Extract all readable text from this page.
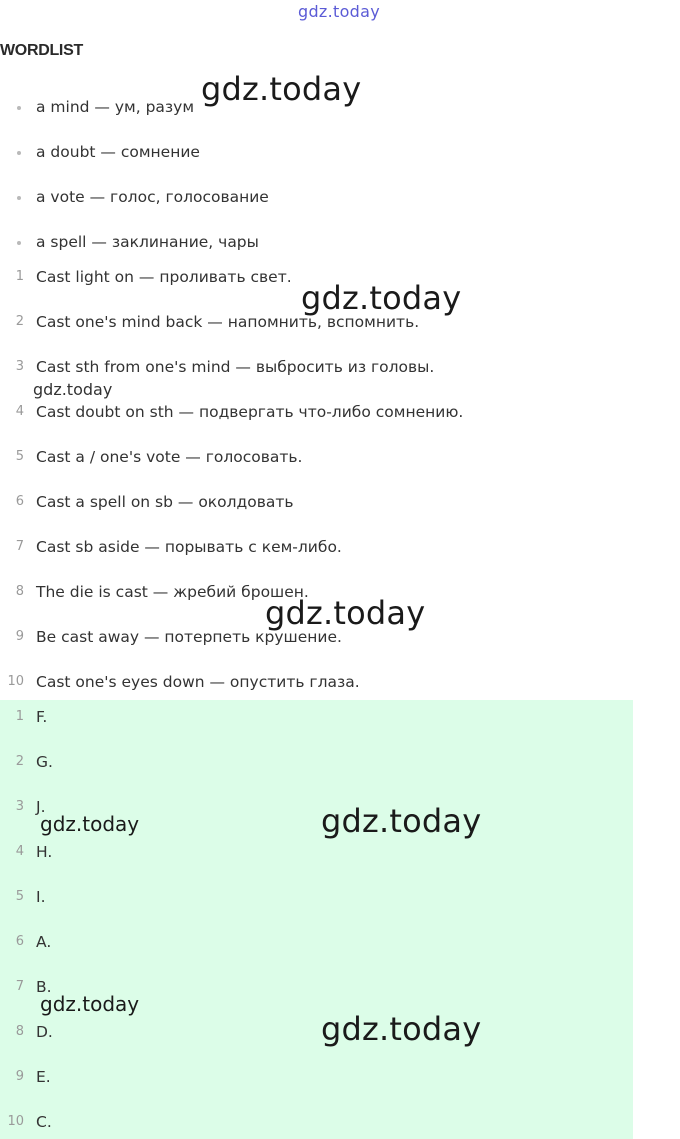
gdz.today
WORDLIST
a mind — ум, разум
a doubt — сомнение
a vote — голос, голосование
a spell — заклинание, чары
1 Cast light on — проливать свет.
2 Cast one's mind back — напомнить, вспомнить.
3 Cast sth from one's mind — выбросить из головы.
4 Cast doubt on sth — подвергать что-либо сомнению.
5 Cast a / one's vote — голосовать.
6 Cast a spell on sb — околдовать
7 Cast sb aside — порывать с кем-либо.
8 The die is cast — жребий брошен.
9 Be cast away — потерпеть крушение.
10 Cast one's eyes down — опустить глаза.
1 F.
2 G.
3 J.
4 H.
5 I.
6 A.
7 B.
8 D.
9 E.
10 C.
gdz.today
gdz.today
gdz.today
gdz.today
gdz.today	gdz.today
gdz.today
gdz.today
